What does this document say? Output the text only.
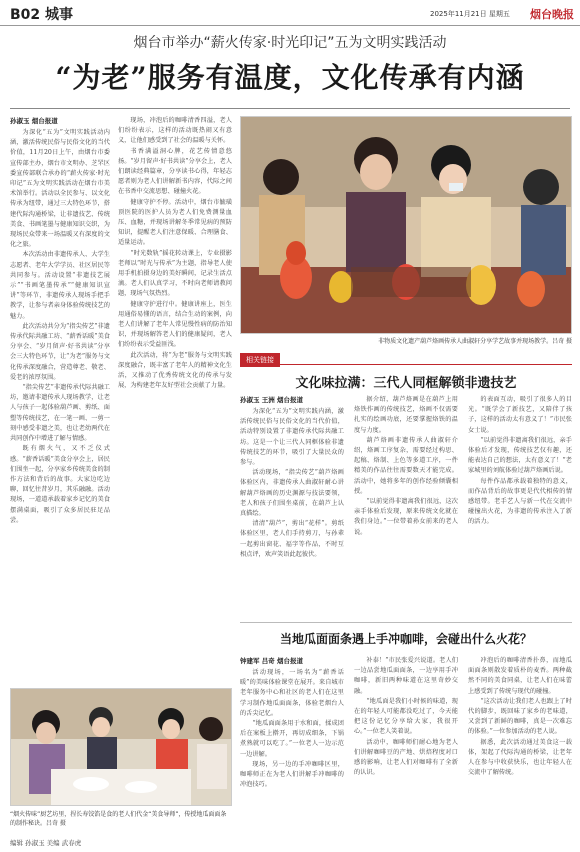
B02 城事	2025年11月21日 星期五 烟台晚报
烟台市举办“薪火传家·时光印记”五为文明实践活动
“为老”服务有温度，文化传承有内涵
孙淑玉 烟台报道

为深化“五为”文明实践活动内涵，激活传统民俗与民俗文化的当代价值，11月20日上午，由烟台市委宣传部主办，烟台市文明办、芝罘区委宣传部联合承办的“薪火传家·时光印记”五为文明实践活动在烟台市美术馆举行。活动以全民参与、以文化传承为纽带，通过三大特色环节，搭建代际沟通桥梁，让非遗技艺、传统美食、书画笔墨与健康知识交织，为现场民众带来一场温暖又有深度的文化之旅。

本次活动由非遗传承人、大学生志愿者、老年大学学员、社区居民等共同参与。活动设置“非遗技艺展示”“书画笔墨传承”“健康知识宣讲”等环节，非遗传承人现场手把手教学，让参与者亲身体验传统技艺的魅力。

此次活动共分为“指尖传艺”非遗传承代际共融工坊、“薪香话暖”美食分享会、“岁月留声·好书共读”分享会三大特色环节，让“为老”服务与文化传承深度融合，营造尊老、敬老、爱老的浓厚氛围。

“指尖传艺”非遗传承代际共融工坊，邀请非遗传承人现场教学，让老人与孩子一起体验葫芦画、剪纸、面塑等传统技艺，在一笔一画、一剪一刻中感受非遗之美，也让老幼两代在共同创作中增进了解与情感。

既有烟火气，又不乏仪式感。“薪香话暖”美食分享会上，居民们围坐一起，分享家乡传统美食的制作方法和背后的故事。大家边吃边聊，回忆往昔岁月，其乐融融。活动现场，一道道承载着家乡记忆的美食摆满桌面，吸引了众多居民驻足品尝。

现场，冲泡后的咖啡清香四溢，老人们纷纷表示，这样的活动既热闹又有意义，让他们感受到了社会的温暖与关怀。

书香满溢洞心脾，花艺传情意悠扬。“岁月留声·好书共读”分享会上，老人们朗读经典篇章，分享读书心得，年轻志愿者则为老人们讲解新书内容，代际之间在书香中交流思想、碰撞火花。

健康守护不停。活动中，烟台市毓璜顶医院的医护人员为老人们免费测量血压、血糖，并现场讲解冬季常见病的预防知识，提醒老人们注意保暖、合理膳食、适量运动。

“时光数轨”摇花转动课上，专业摄影老师以“时光与传承”为主题，指导老人使用手机拍摄身边的美好瞬间，记录生活点滴。老人们认真学习，不时向老师请教问题，现场气氛热烈。

健康守护进行中。健康讲座上，医生用通俗易懂的语言，结合生动的案例，向老人们讲解了老年人常见慢性病的防治知识，并现场解答老人们的健康疑问，老人们纷纷表示受益匪浅。

此次活动，将“为老”服务与文明实践深度融合，既丰富了老年人的精神文化生活，又推动了优秀传统文化的传承与发展，为构建老年友好型社会贡献了力量。

非物质文化遗产葫芦烙画传承人曲淑轩分享学艺故事并现场教学。吕奇 摄
“烟火传味”厨艺坊里，捏长寿饺馅是食的老人们代金“美食导师”，传授地瓜面面条的制作秘诀。吕奇 摄
相关链接
文化味拉满：三代人同框解锁非遗技艺
孙淑玉 王洲 烟台报道

为深化“五为”文明实践内涵，激活传统民俗与民俗文化的当代价值，活动特别设置了非遗传承代际共融工坊。这是一个让三代人同框体验非遗传统技艺的环节，吸引了大量民众的参与。

活动现场，“指尖传艺”葫芦烙画体验区内，非遗传承人曲淑轩耐心讲解葫芦烙画的历史渊源与技法要领，老人和孩子们围坐桌前，在葫芦上认真描绘。

清清“葫芦”，剪出“花样”。剪纸体验区里，老人们手持剪刀，与孙辈一起剪出窗花、福字等作品，不时互相点评，欢声笑语此起彼伏。

据介绍，葫芦烙画是在葫芦上用烙铁作画的传统技艺，烙画不仅需要扎实的绘画功底，还要掌握烙铁的温度与力度。

葫芦烙画非遗传承人曲淑轩介绍，烙画工序复杂，需要经过构思、起稿、烙制、上色等多道工序，一件精美的作品往往需要数天才能完成。活动中，她将多年的创作经验倾囊相授。

“以前觉得非遗离我们很远，这次亲手体验后发现，原来传统文化就在我们身边。”一位带着孙女前来的老人说。

的表面互动，吸引了很多人的目光。“既学会了新技艺，又陪伴了孩子，这样的活动太有意义了！”市民张女士说。

“以前觉得非遗离我们很远，亲手体验后才发现，传统技艺仅有趣，还能表达自己的想法，太有意义了！”老家城里的刘航体验过葫芦烙画后说。

每件作品都承载着独特的意义，而作品背后的故事更是代代相传的情感纽带。老手艺人与新一代在交流中碰撞出火花，为非遗的传承注入了新的活力。

当地瓜面面条遇上手冲咖啡，会碰出什么火花？
钟建军 吕奇 烟台报道

活动现场，一场名为“薪香话暖”的美味体验课堂在展开。来自城市老年服务中心和社区的老人们在这里学习制作地瓜面面条，体验老烟台人的舌尖记忆。

“地瓜面面条用于水和面，揉成团后在案板上擀开，再切成细条，下锅煮熟就可以吃了。”一位老人一边示范一边讲解。

现场，另一边的手冲咖啡区里，咖啡师正在为老人们讲解手冲咖啡的冲泡技巧。

补泰！”市民张爱兴说道。老人们一边品尝地瓜面面条，一边享用手冲咖啡，新旧两种味道在这里奇妙交融。

“地瓜面是我们小时候的味道，现在的年轻人可能都没吃过了，今天能把这份记忆分享给大家，我很开心。”一位老人笑着说。

活动中，咖啡师们耐心地为老人们讲解咖啡豆的产地、烘焙程度对口感的影响，让老人们对咖啡有了全新的认识。

冲泡后的咖啡清香扑鼻，而地瓜面面条则散发着质朴的麦香。两种截然不同的美食同桌，让老人们在味蕾上感受到了传统与现代的碰撞。

“这次活动让我们老人也跟上了时代的脚步，既回味了家乡的老味道，又尝到了新鲜的咖啡，真是一次难忘的体验。”一位参加活动的老人说。

据悉，此次活动通过美食这一载体，架起了代际沟通的桥梁，让老年人在参与中收获快乐，也让年轻人在交流中了解传统。

编辑 孙淑玉 美编 武春虎
